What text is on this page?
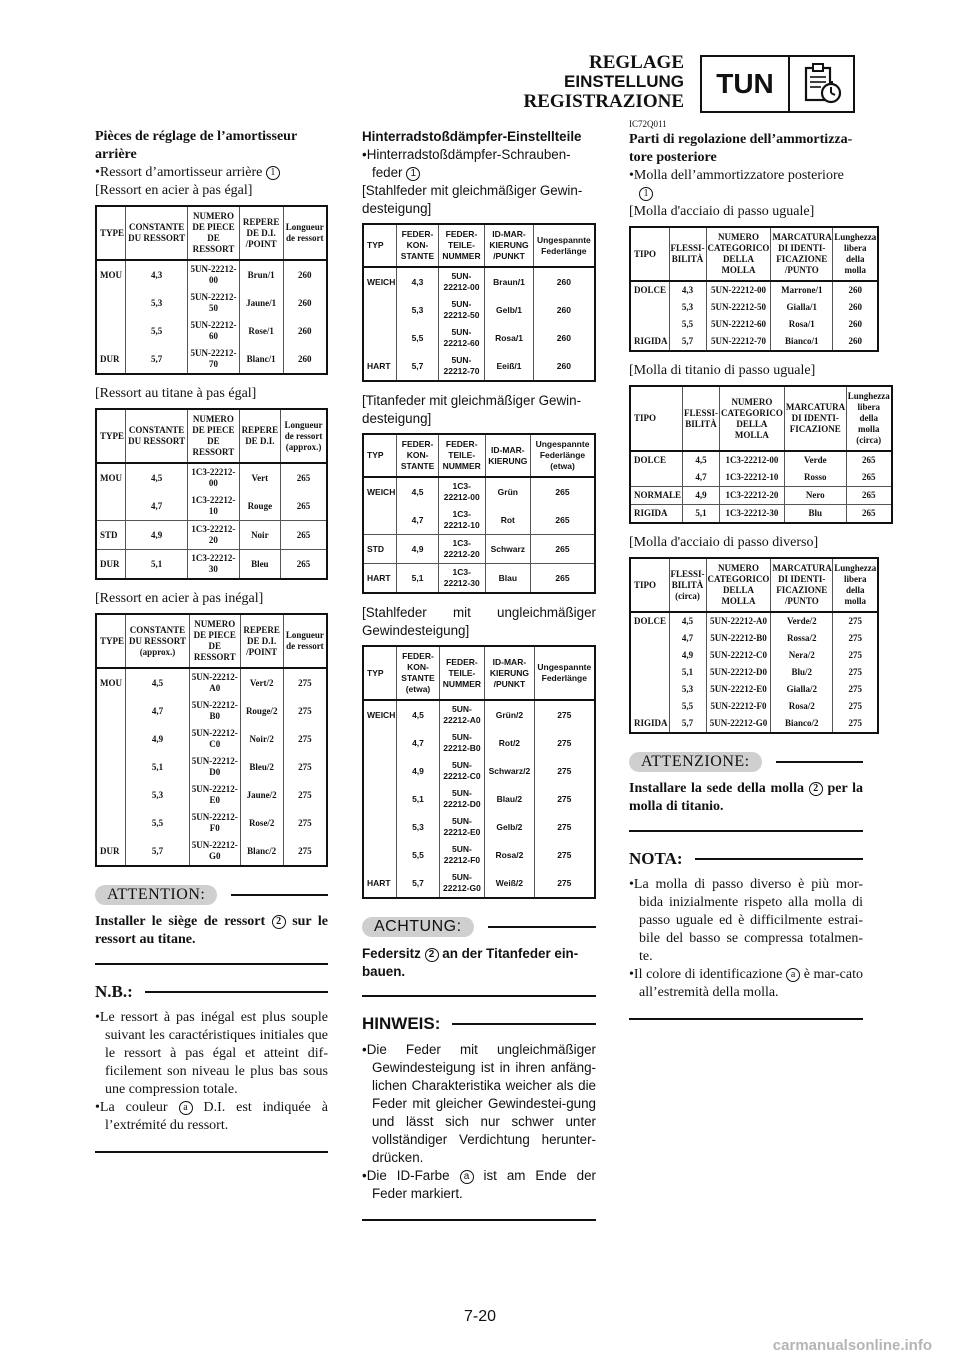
REGLAGE
EINSTELLUNG
REGISTRAZIONE
TUN
Pièces de réglage de l’amortisseur arrière
•Ressort d’amortisseur arrière 1
[Ressort en acier à pas égal]
TYPE	CONSTANTE DU RESSORT	NUMERO DE PIECE DE RESSORT	REPERE DE D.I. /POINT	Longueur de ressort
MOU	4,3	5UN-22212-00	Brun/1	260
	5,3	5UN-22212-50	Jaune/1	260
	5,5	5UN-22212-60	Rose/1	260
DUR	5,7	5UN-22212-70	Blanc/1	260
[Ressort au titane à pas égal]
TYPE	CONSTANTE DU RESSORT	NUMERO DE PIECE DE RESSORT	REPERE DE D.I.	Longueur de ressort (approx.)
MOU	4,5	1C3-22212-00	Vert	265
	4,7	1C3-22212-10	Rouge	265
STD	4,9	1C3-22212-20	Noir	265
DUR	5,1	1C3-22212-30	Bleu	265
[Ressort en acier à pas inégal]
TYPE	CONSTANTE DU RESSORT (approx.)	NUMERO DE PIECE DE RESSORT	REPERE DE D.I. /POINT	Longueur de ressort
MOU	4,5	5UN-22212-A0	Vert/2	275
	4,7	5UN-22212-B0	Rouge/2	275
	4,9	5UN-22212-C0	Noir/2	275
	5,1	5UN-22212-D0	Bleu/2	275
	5,3	5UN-22212-E0	Jaune/2	275
	5,5	5UN-22212-F0	Rose/2	275
DUR	5,7	5UN-22212-G0	Blanc/2	275
ATTENTION:
Installer le siège de ressort 2 sur le ressort au titane.
N.B.:
•Le ressort à pas inégal est plus souple suivant les caractéristiques initiales que le ressort à pas égal et atteint dif-ficilement son niveau le plus bas sous une compression totale.
•La couleur a D.I. est indiquée à l’extrémité du ressort.
Hinterradstoßdämpfer-Einstellteile
•Hinterradstoßdämpfer-Schrauben-feder 1
[Stahlfeder mit gleichmäßiger Gewin-desteigung]
TYP	FEDER-KON-STANTE	FEDER-TEILE-NUMMER	ID-MAR-KIERUNG /PUNKT	Ungespannte Federlänge
WEICH	4,3	5UN-22212-00	Braun/1	260
	5,3	5UN-22212-50	Gelb/1	260
	5,5	5UN-22212-60	Rosa/1	260
HART	5,7	5UN-22212-70	Eeiß/1	260
[Titanfeder mit gleichmäßiger Gewin-desteigung]
TYP	FEDER-KON-STANTE	FEDER-TEILE-NUMMER	ID-MAR-KIERUNG	Ungespannte Federlänge (etwa)
WEICH	4,5	1C3-22212-00	Grün	265
	4,7	1C3-22212-10	Rot	265
STD	4,9	1C3-22212-20	Schwarz	265
HART	5,1	1C3-22212-30	Blau	265
[Stahlfeder mit ungleichmäßiger Gewindesteigung]
TYP	FEDER-KON-STANTE (etwa)	FEDER-TEILE-NUMMER	ID-MAR-KIERUNG /PUNKT	Ungespannte Federlänge
WEICH	4,5	5UN-22212-A0	Grün/2	275
	4,7	5UN-22212-B0	Rot/2	275
	4,9	5UN-22212-C0	Schwarz/2	275
	5,1	5UN-22212-D0	Blau/2	275
	5,3	5UN-22212-E0	Gelb/2	275
	5,5	5UN-22212-F0	Rosa/2	275
HART	5,7	5UN-22212-G0	Weiß/2	275
ACHTUNG:
Federsitz 2 an der Titanfeder ein-bauen.
HINWEIS:
•Die Feder mit ungleichmäßiger Gewindesteigung ist in ihren anfäng-lichen Charakteristika weicher als die Feder mit gleicher Gewindestei-gung und lässt sich nur schwer unter vollständiger Verdichtung herunter-drücken.
•Die ID-Farbe a ist am Ende der Feder markiert.
IC72Q011
Parti di regolazione dell’ammortizza-tore posteriore
•Molla dell’ammortizzatore posteriore
1
[Molla d'acciaio di passo uguale]
TIPO	FLESSI-BILITÀ	NUMERO CATEGORICO DELLA MOLLA	MARCATURA DI IDENTI-FICAZIONE /PUNTO	Lunghezza libera della molla
DOLCE	4,3	5UN-22212-00	Marrone/1	260
	5,3	5UN-22212-50	Gialla/1	260
	5,5	5UN-22212-60	Rosa/1	260
RIGIDA	5,7	5UN-22212-70	Bianco/1	260
[Molla di titanio di passo uguale]
TIPO	FLESSI-BILITÀ	NUMERO CATEGORICO DELLA MOLLA	MARCATURA DI IDENTI-FICAZIONE	Lunghezza libera della molla (circa)
DOLCE	4,5	1C3-22212-00	Verde	265
	4,7	1C3-22212-10	Rosso	265
NORMALE	4,9	1C3-22212-20	Nero	265
RIGIDA	5,1	1C3-22212-30	Blu	265
[Molla d'acciaio di passo diverso]
TIPO	FLESSI-BILITÀ (circa)	NUMERO CATEGORICO DELLA MOLLA	MARCATURA DI IDENTI-FICAZIONE /PUNTO	Lunghezza libera della molla
DOLCE	4,5	5UN-22212-A0	Verde/2	275
	4,7	5UN-22212-B0	Rossa/2	275
	4,9	5UN-22212-C0	Nera/2	275
	5,1	5UN-22212-D0	Blu/2	275
	5,3	5UN-22212-E0	Gialla/2	275
	5,5	5UN-22212-F0	Rosa/2	275
RIGIDA	5,7	5UN-22212-G0	Bianco/2	275
ATTENZIONE:
Installare la sede della molla 2 per la molla di titanio.
NOTA:
•La molla di passo diverso è più mor-bida inizialmente rispeto alla molla di passo uguale ed è difficilmente estrai-bile del basso se compressa totalmen-te.
•Il colore di identificazione a è mar-cato all’estremità della molla.
7-20
carmanualsonline.info
